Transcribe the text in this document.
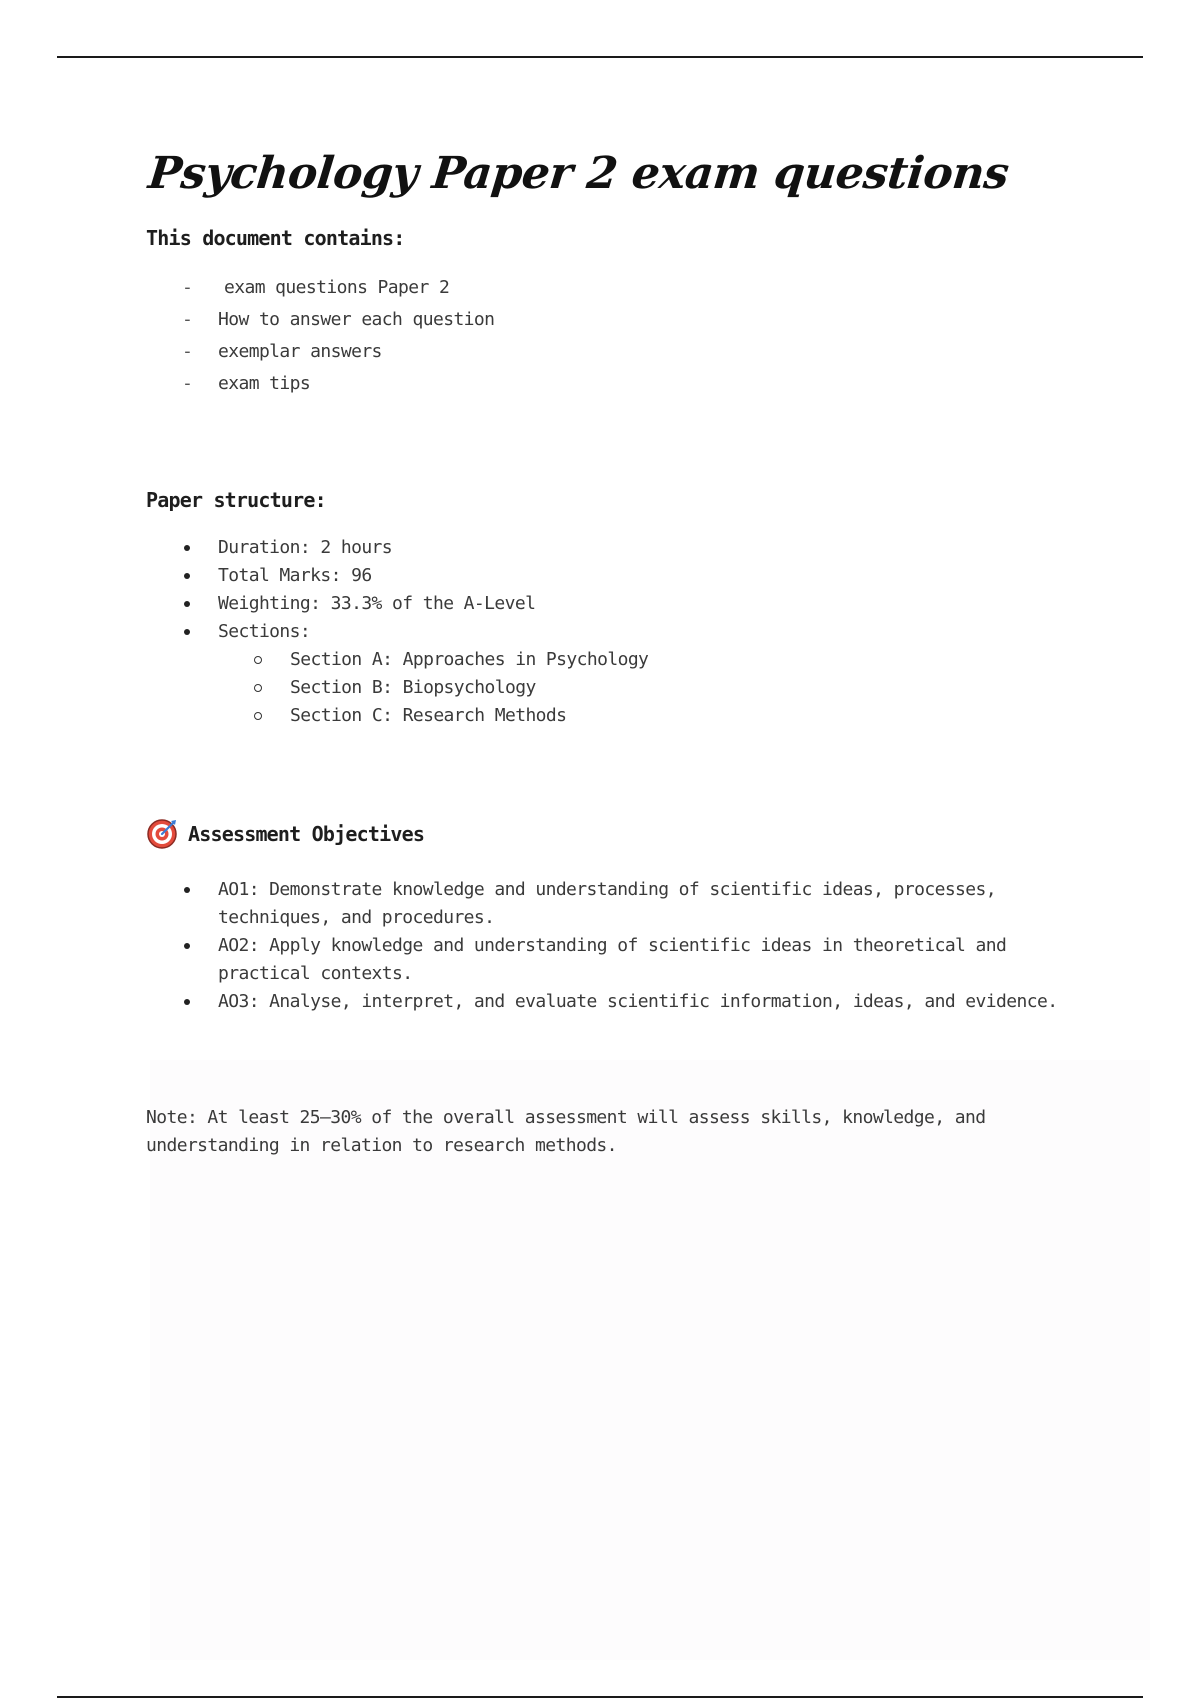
Psychology Paper 2 exam questions
This document contains:
- exam questions Paper 2
- How to answer each question
- exemplar answers
- exam tips
Paper structure:
Duration: 2 hours
Total Marks: 96
Weighting: 33.3% of the A-Level
Sections:
Section A: Approaches in Psychology
Section B: Biopsychology
Section C: Research Methods
Assessment Objectives
AO1: Demonstrate knowledge and understanding of scientific ideas, processes, techniques, and procedures.
AO2: Apply knowledge and understanding of scientific ideas in theoretical and practical contexts.
AO3: Analyse, interpret, and evaluate scientific information, ideas, and evidence.
Note: At least 25–30% of the overall assessment will assess skills, knowledge, and understanding in relation to research methods.
